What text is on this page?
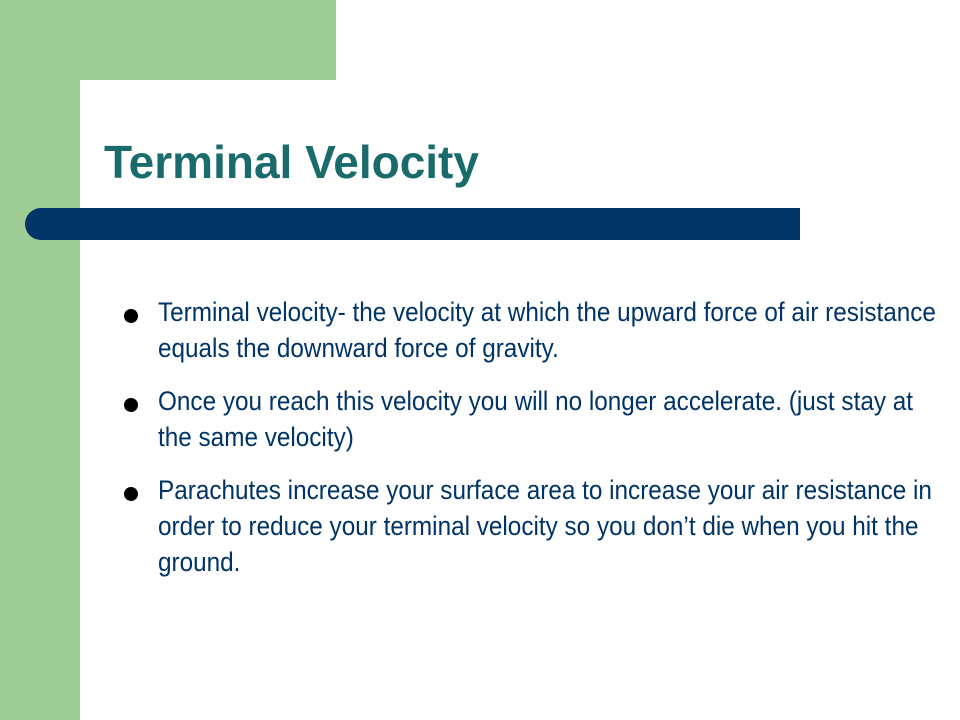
Terminal Velocity
Terminal velocity- the velocity at which the upward force of air resistance equals the downward force of gravity.
Once you reach this velocity you will no longer accelerate. (just stay at the same velocity)
Parachutes increase your surface area to increase your air resistance in order to reduce your terminal velocity so you don’t die when you hit the ground.
